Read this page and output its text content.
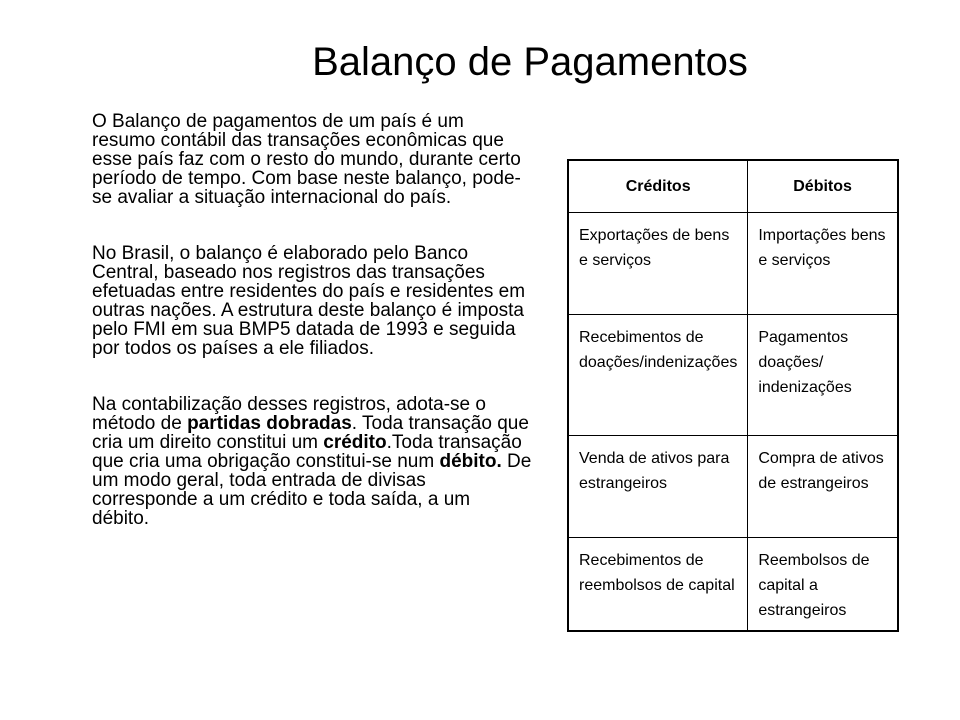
Balanço de Pagamentos

O Balanço de pagamentos de um país é um resumo contábil das transações econômicas que esse país faz com o resto do mundo, durante certo período de tempo. Com base neste balanço, pode-se avaliar a situação internacional do país.

No Brasil, o balanço é elaborado pelo Banco Central, baseado nos registros das transações efetuadas entre residentes do país e residentes em outras nações. A estrutura deste balanço é imposta pelo FMI em sua BMP5 datada de 1993 e seguida por todos os países a ele filiados.

Na contabilização desses registros, adota-se o método de partidas dobradas. Toda transação que cria um direito constitui um crédito.Toda transação que cria uma obrigação constitui-se num débito. De um modo geral, toda entrada de divisas corresponde a um crédito e toda saída, a um débito.

Créditos	Débitos
Exportações de bens e serviços	Importações bens e serviços
Recebimentos de doações/indenizações	Pagamentos doações/ indenizações
Venda de ativos para estrangeiros	Compra de ativos de estrangeiros
Recebimentos de reembolsos de capital	Reembolsos de capital a estrangeiros
